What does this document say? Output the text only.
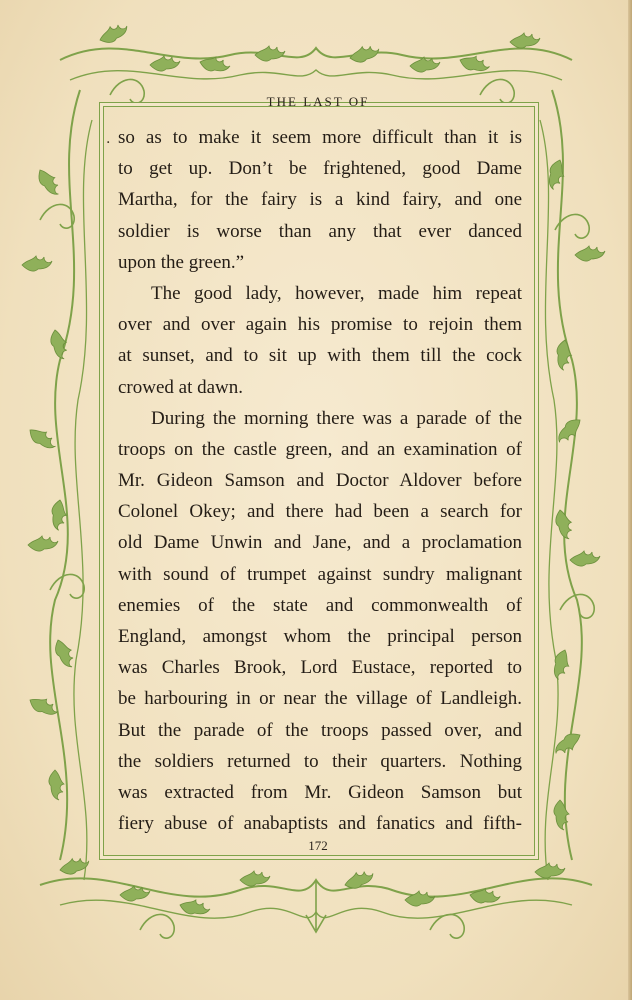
THE LAST OF
. so as to make it seem more difficult than it is
to get up. Don’t be frightened, good Dame
Martha, for the fairy is a kind fairy, and one
soldier is worse than any that ever danced
upon the green.”
The good lady, however, made him repeat
over and over again his promise to rejoin them
at sunset, and to sit up with them till the cock
crowed at dawn.
During the morning there was a parade of the
troops on the castle green, and an examination of
Mr. Gideon Samson and Doctor Aldover before
Colonel Okey; and there had been a search for
old Dame Unwin and Jane, and a proclamation
with sound of trumpet against sundry malignant
enemies of the state and commonwealth of
England, amongst whom the principal person
was Charles Brook, Lord Eustace, reported to
be harbouring in or near the village of Landleigh.
But the parade of the troops passed over, and
the soldiers returned to their quarters. Nothing
was extracted from Mr. Gideon Samson but
fiery abuse of anabaptists and fanatics and fifth-
172
